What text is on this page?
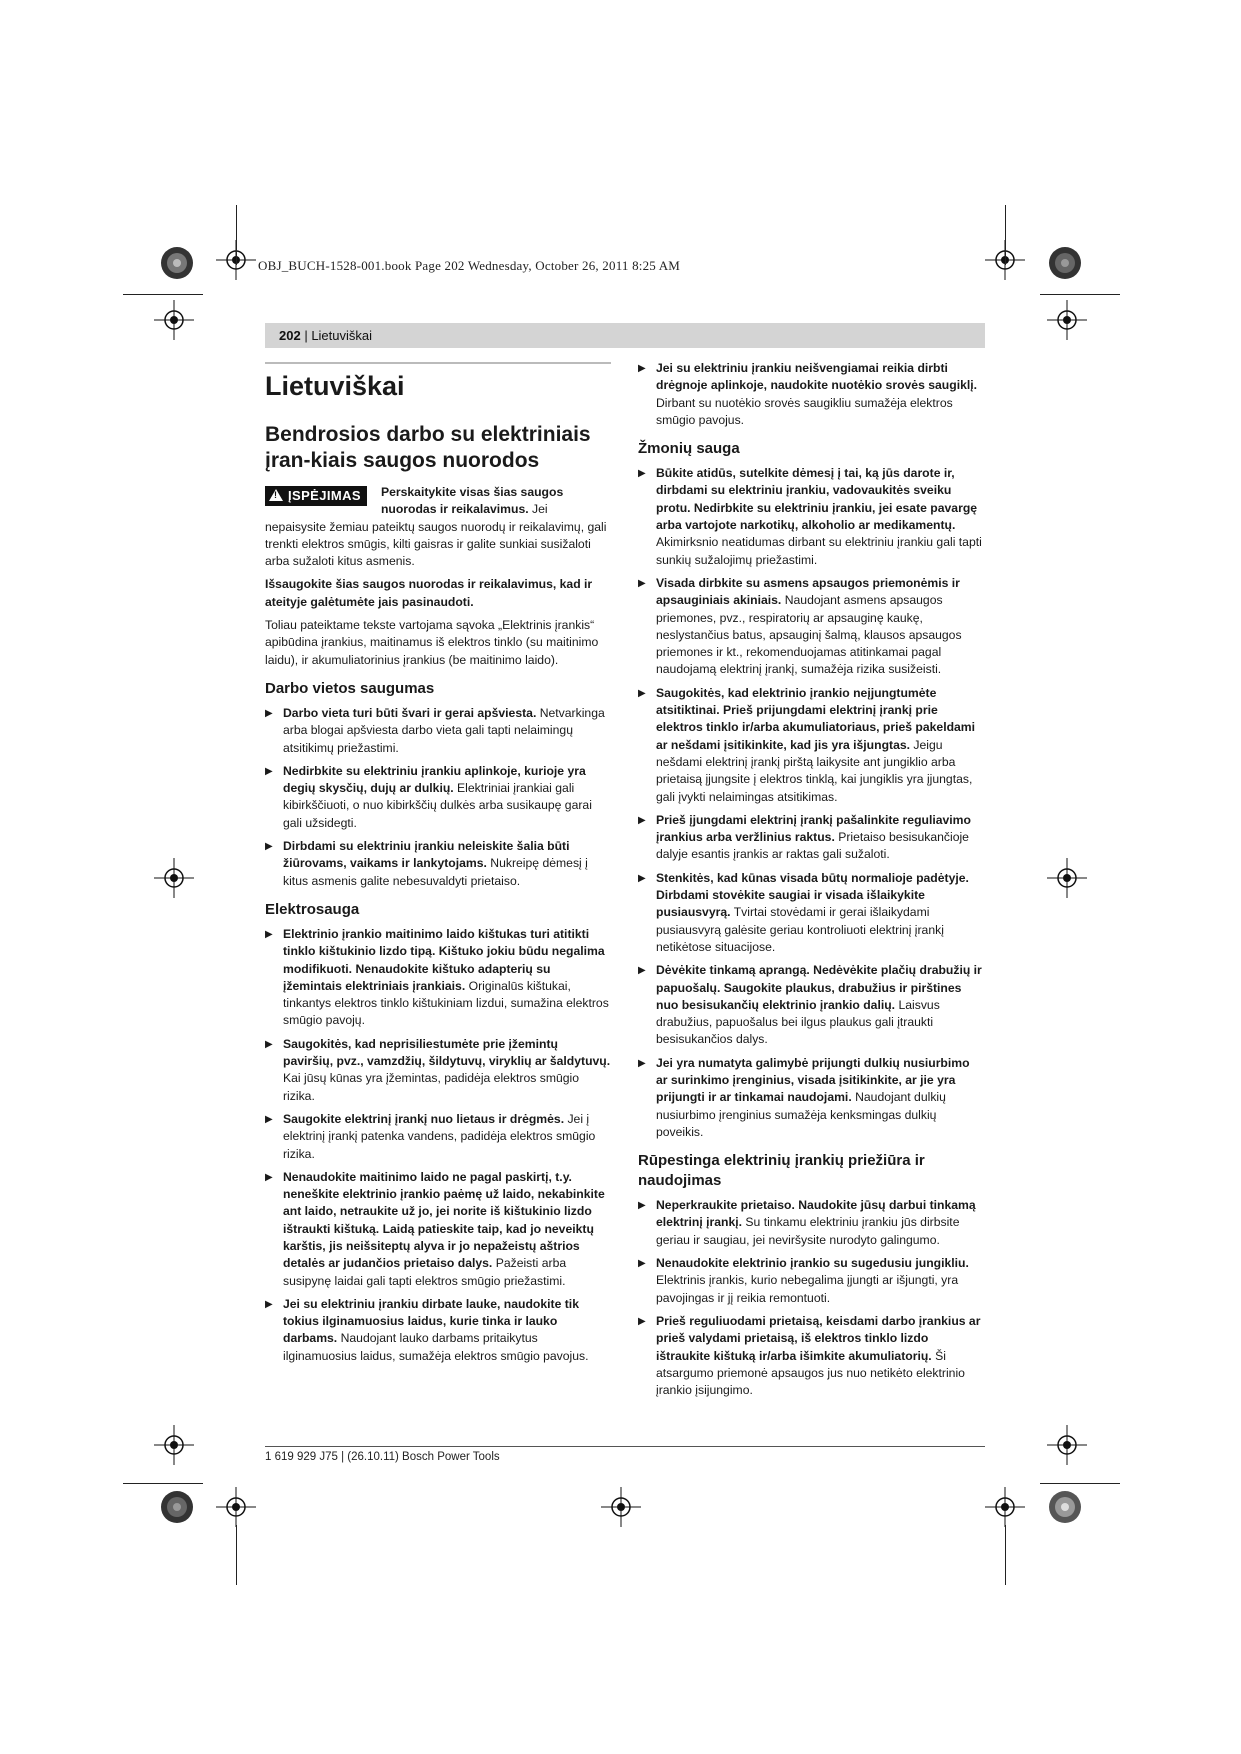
OBJ_BUCH-1528-001.book Page 202 Wednesday, October 26, 2011 8:25 AM
202 | Lietuviškai
Lietuviškai
Bendrosios darbo su elektriniais įran-kiais saugos nuorodos
!ĮSPĖJIMAS	Perskaitykite visas šias saugos nuorodas ir reikalavimus. Jei nepaisysite žemiau pateiktų saugos nuorodų ir reikalavimų, gali trenkti elektros smūgis, kilti gaisras ir galite sunkiai susižaloti arba sužaloti kitus asmenis.

Išsaugokite šias saugos nuorodas ir reikalavimus, kad ir ateityje galėtumėte jais pasinaudoti.

Toliau pateiktame tekste vartojama sąvoka „Elektrinis įrankis“ apibūdina įrankius, maitinamus iš elektros tinklo (su maitinimo laidu), ir akumuliatorinius įrankius (be maitinimo laido).

Darbo vietos saugumas
▶ Darbo vieta turi būti švari ir gerai apšviesta. Netvarkinga arba blogai apšviesta darbo vieta gali tapti nelaimingų atsitikimų priežastimi.
▶ Nedirbkite su elektriniu įrankiu aplinkoje, kurioje yra degių skysčių, dujų ar dulkių. Elektriniai įrankiai gali kibirkščiuoti, o nuo kibirkščių dulkės arba susikaupę garai gali užsidegti.
▶ Dirbdami su elektriniu įrankiu neleiskite šalia būti žiūrovams, vaikams ir lankytojams. Nukreipę dėmesį į kitus asmenis galite nebesuvaldyti prietaiso.
Elektrosauga
▶ Elektrinio įrankio maitinimo laido kištukas turi atitikti tinklo kištukinio lizdo tipą. Kištuko jokiu būdu negalima modifikuoti. Nenaudokite kištuko adapterių su įžemintais elektriniais įrankiais. Originalūs kištukai, tinkantys elektros tinklo kištukiniam lizdui, sumažina elektros smūgio pavojų.
▶ Saugokitės, kad neprisiliestumėte prie įžemintų paviršių, pvz., vamzdžių, šildytuvų, viryklių ar šaldytuvų. Kai jūsų kūnas yra įžemintas, padidėja elektros smūgio rizika.
▶ Saugokite elektrinį įrankį nuo lietaus ir drėgmės. Jei į elektrinį įrankį patenka vandens, padidėja elektros smūgio rizika.
▶ Nenaudokite maitinimo laido ne pagal paskirtį, t.y. neneškite elektrinio įrankio paėmę už laido, nekabinkite ant laido, netraukite už jo, jei norite iš kištukinio lizdo ištraukti kištuką. Laidą patieskite taip, kad jo neveiktų karštis, jis neišsiteptų alyva ir jo nepažeistų aštrios detalės ar judančios prietaiso dalys. Pažeisti arba susipynę laidai gali tapti elektros smūgio priežastimi.
▶ Jei su elektriniu įrankiu dirbate lauke, naudokite tik tokius ilginamuosius laidus, kurie tinka ir lauko darbams. Naudojant lauko darbams pritaikytus ilginamuosius laidus, sumažėja elektros smūgio pavojus.
▶ Jei su elektriniu įrankiu neišvengiamai reikia dirbti drėgnoje aplinkoje, naudokite nuotėkio srovės saugiklį. Dirbant su nuotėkio srovės saugikliu sumažėja elektros smūgio pavojus.
Žmonių sauga
▶ Būkite atidūs, sutelkite dėmesį į tai, ką jūs darote ir, dirbdami su elektriniu įrankiu, vadovaukitės sveiku protu. Nedirbkite su elektriniu įrankiu, jei esate pavargę arba vartojote narkotikų, alkoholio ar medikamentų. Akimirksnio neatidumas dirbant su elektriniu įrankiu gali tapti sunkių sužalojimų priežastimi.
▶ Visada dirbkite su asmens apsaugos priemonėmis ir apsauginiais akiniais. Naudojant asmens apsaugos priemones, pvz., respiratorių ar apsauginę kaukę, neslystančius batus, apsauginį šalmą, klausos apsaugos priemones ir kt., rekomenduojamas atitinkamai pagal naudojamą elektrinį įrankį, sumažėja rizika susižeisti.
▶ Saugokitės, kad elektrinio įrankio neįjungtumėte atsitiktinai. Prieš prijungdami elektrinį įrankį prie elektros tinklo ir/arba akumuliatoriaus, prieš pakeldami ar nešdami įsitikinkite, kad jis yra išjungtas. Jeigu nešdami elektrinį įrankį pirštą laikysite ant jungiklio arba prietaisą įjungsite į elektros tinklą, kai jungiklis yra įjungtas, gali įvykti nelaimingas atsitikimas.
▶ Prieš įjungdami elektrinį įrankį pašalinkite reguliavimo įrankius arba veržlinius raktus. Prietaiso besisukančioje dalyje esantis įrankis ar raktas gali sužaloti.
▶ Stenkitės, kad kūnas visada būtų normalioje padėtyje. Dirbdami stovėkite saugiai ir visada išlaikykite pusiausvyrą. Tvirtai stovėdami ir gerai išlaikydami pusiausvyrą galėsite geriau kontroliuoti elektrinį įrankį netikėtose situacijose.
▶ Dėvėkite tinkamą aprangą. Nedėvėkite plačių drabužių ir papuošalų. Saugokite plaukus, drabužius ir pirštines nuo besisukančių elektrinio įrankio dalių. Laisvus drabužius, papuošalus bei ilgus plaukus gali įtraukti besisukančios dalys.
▶ Jei yra numatyta galimybė prijungti dulkių nusiurbimo ar surinkimo įrenginius, visada įsitikinkite, ar jie yra prijungti ir ar tinkamai naudojami. Naudojant dulkių nusiurbimo įrenginius sumažėja kenksmingas dulkių poveikis.
Rūpestinga elektrinių įrankių priežiūra ir naudojimas
▶ Neperkraukite prietaiso. Naudokite jūsų darbui tinkamą elektrinį įrankį. Su tinkamu elektriniu įrankiu jūs dirbsite geriau ir saugiau, jei neviršysite nurodyto galingumo.
▶ Nenaudokite elektrinio įrankio su sugedusiu jungikliu. Elektrinis įrankis, kurio nebegalima įjungti ar išjungti, yra pavojingas ir jį reikia remontuoti.
▶ Prieš reguliuodami prietaisą, keisdami darbo įrankius ar prieš valydami prietaisą, iš elektros tinklo lizdo ištraukite kištuką ir/arba išimkite akumuliatorių. Ši atsargumo priemonė apsaugos jus nuo netikėto elektrinio įrankio įsijungimo.
1 619 929 J75 | (26.10.11) Bosch Power Tools
